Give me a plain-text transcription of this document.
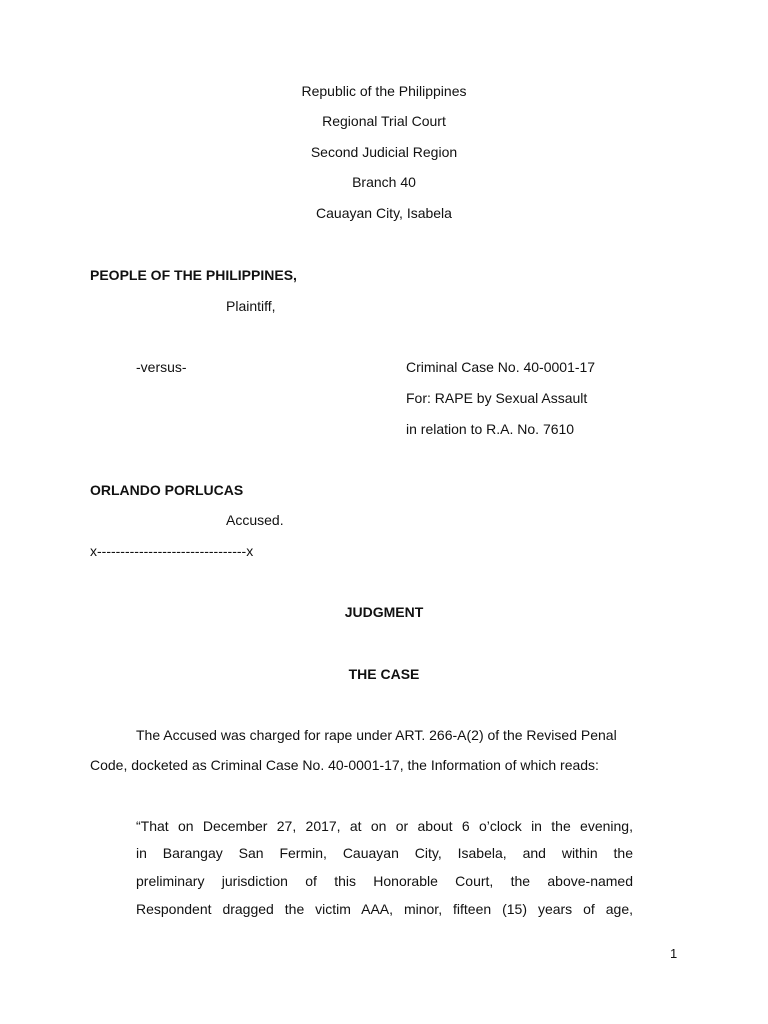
Republic of the Philippines
Regional Trial Court
Second Judicial Region
Branch 40
Cauayan City, Isabela
PEOPLE OF THE PHILIPPINES,
Plaintiff,
-versus-	Criminal Case No. 40-0001-17
For: RAPE by Sexual Assault
in relation to R.A. No. 7610
ORLANDO PORLUCAS
Accused.
x--------------------------------x
JUDGMENT
THE CASE
The Accused was charged for rape under ART. 266-A(2) of the Revised Penal
Code, docketed as Criminal Case No. 40-0001-17, the Information of which reads:
“That on December 27, 2017, at on or about 6 o’clock in the evening,
in Barangay San Fermin, Cauayan City, Isabela, and within the
preliminary jurisdiction of this Honorable Court, the above-named
Respondent dragged the victim AAA, minor, fifteen (15) years of age,
1
